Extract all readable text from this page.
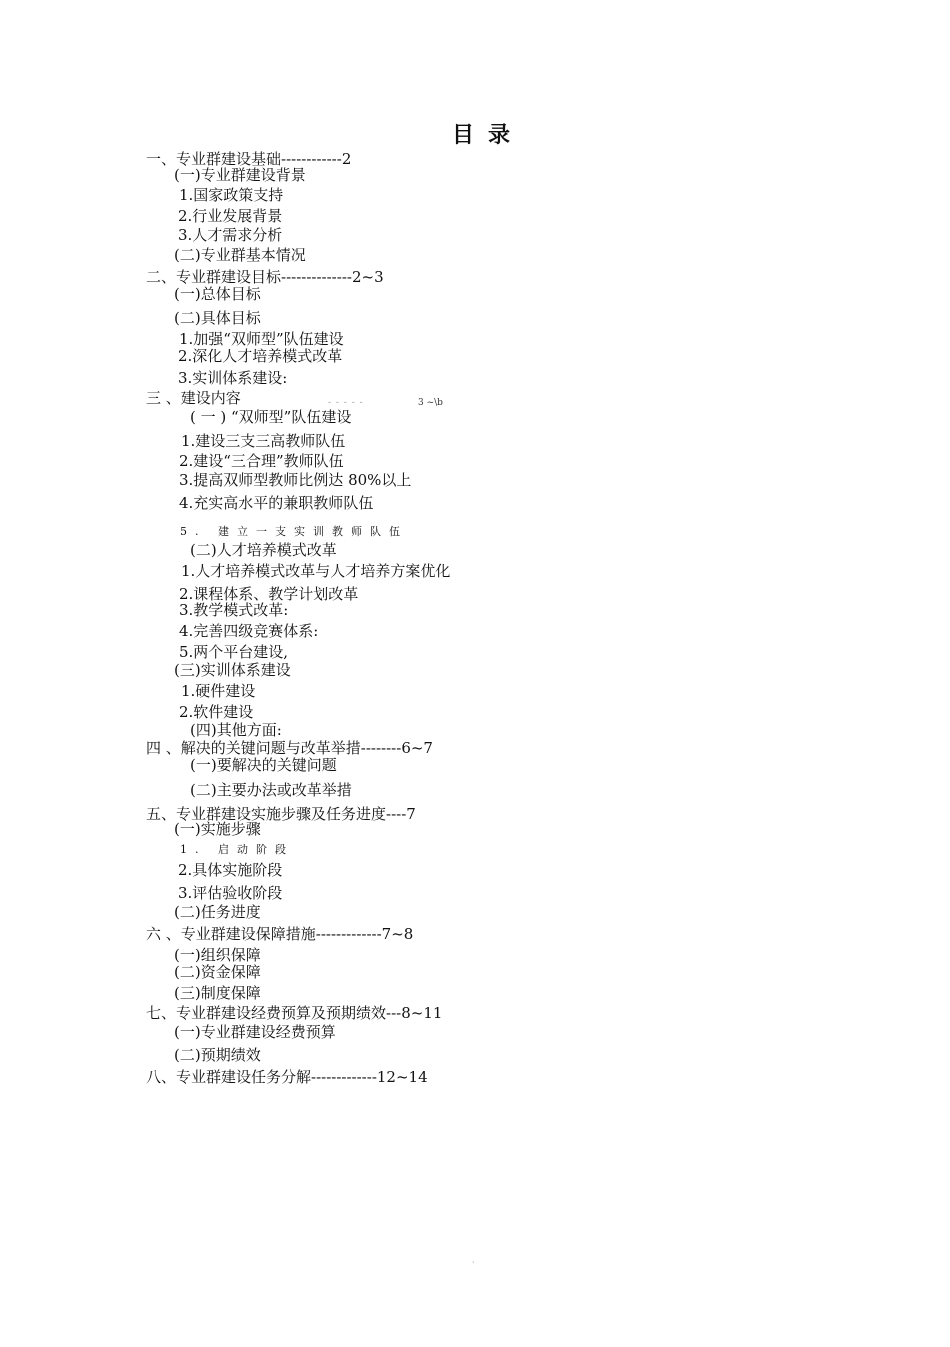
目录
一、专业群建设基础------------2
(一)专业群建设背景
1.国家政策支持
2.行业发展背景
3.人才需求分析
(二)专业群基本情况
二、专业群建设目标--------------2~3
(一)总体目标
(二)具体目标
1.加强“双师型”队伍建设
2.深化人才培养模式改革
3.实训体系建设:
三 、建设内容	- - - - -	3 ~\b
( 一 ) “双师型”队伍建设
1.建设三支三高教师队伍
2.建设“三合理”教师队伍
3.提高双师型教师比例达 80%以上
4.充实高水平的兼职教师队伍
5. 建立一支实训教师队伍
(二)人才培养模式改革
1.人才培养模式改革与人才培养方案优化
2.课程体系、教学计划改革
3.教学模式改革:
4.完善四级竞赛体系:
5.两个平台建设,
(三)实训体系建设
1.硬件建设
2.软件建设
(四)其他方面:
四 、解决的关键问题与改革举措--------6~7
(一)要解决的关键问题
(二)主要办法或改革举措
五、专业群建设实施步骤及任务进度----7
(一)实施步骤
1. 启动阶段
2.具体实施阶段
3.评估验收阶段
(二)任务进度
六 、专业群建设保障措施-------------7~8
(一)组织保障
(二)资金保障
(三)制度保障
七、专业群建设经费预算及预期绩效---8~11
(一)专业群建设经费预算
(二)预期绩效
八、专业群建设任务分解-------------12~14
·
